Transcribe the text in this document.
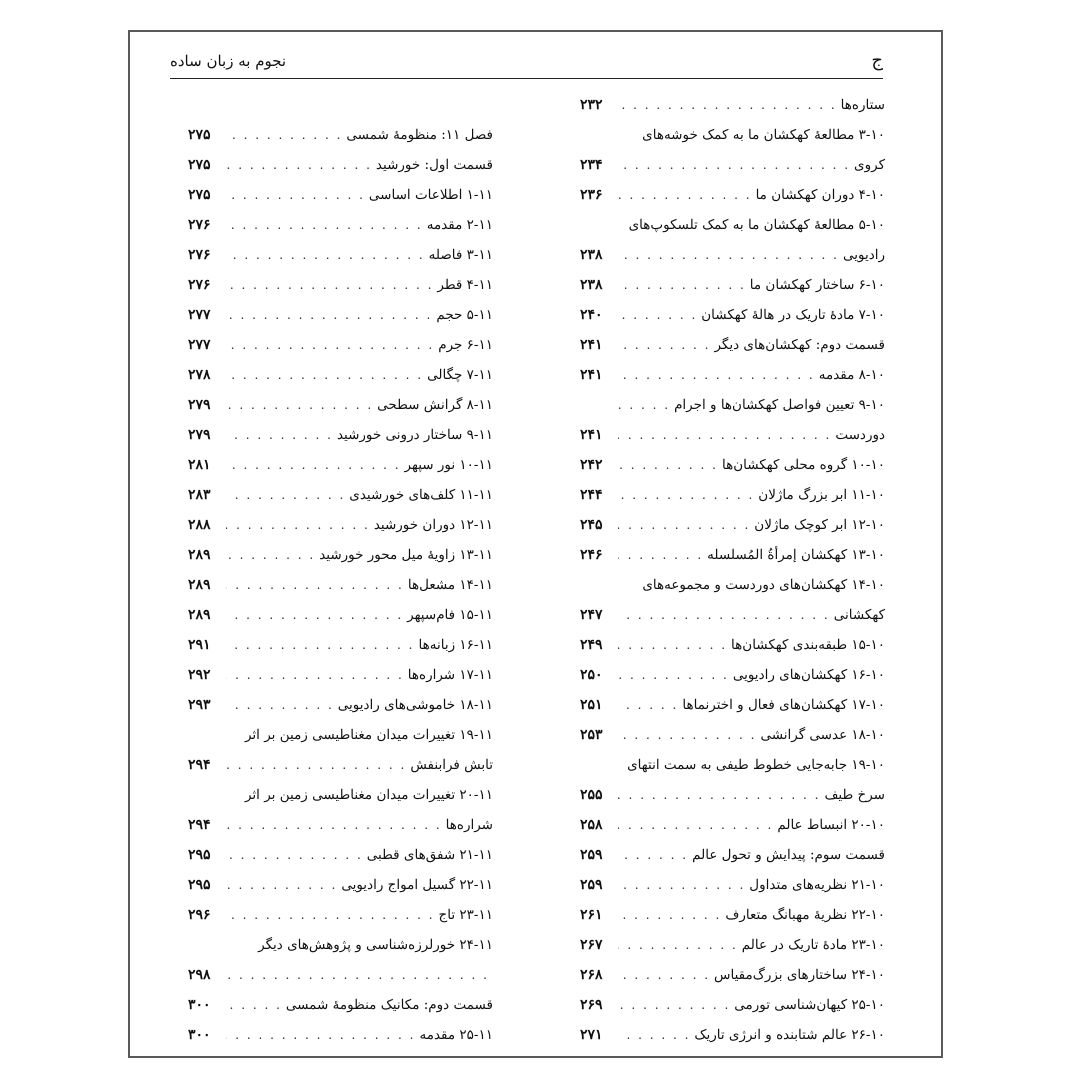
ج
نجوم به زبان ساده
ستاره‌ها
. . .
۲۳۲
۳-۱۰ مطالعهٔ کهکشان ما به کمک خوشه‌های
کروی
. . .
۲۳۴
۴-۱۰ دوران کهکشان ما
. . .
۲۳۶
۵-۱۰ مطالعهٔ کهکشان ما به کمک تلسکوپ‌های
رادیویی
. . .
۲۳۸
۶-۱۰ ساختار کهکشان ما
. . .
۲۳۸
۷-۱۰ مادهٔ تاریک در هالهٔ کهکشان
. . .
۲۴۰
قسمت دوم: کهکشان‌های دیگر
. . .
۲۴۱
۸-۱۰ مقدمه
. . .
۲۴۱
۹-۱۰ تعیین فواصل کهکشان‌ها و اجرام
. . .
دوردست
. . .
۲۴۱
۱۰-۱۰ گروه محلی کهکشان‌ها
. . .
۲۴۲
۱۱-۱۰ ابر بزرگ ماژلان
. . .
۲۴۴
۱۲-۱۰ ابر کوچک ماژلان
. . .
۲۴۵
۱۳-۱۰ کهکشان إمرأةُ المُسلسله
. . .
۲۴۶
۱۴-۱۰ کهکشان‌های دوردست و مجموعه‌های
کهکشانی
. . .
۲۴۷
۱۵-۱۰ طبقه‌بندی کهکشان‌ها
. . .
۲۴۹
۱۶-۱۰ کهکشان‌های رادیویی
. . .
۲۵۰
۱۷-۱۰ کهکشان‌های فعال و اخترنماها
. . .
۲۵۱
۱۸-۱۰ عدسی گرانشی
. . .
۲۵۳
۱۹-۱۰ جابه‌جایی خطوط طیفی به سمت انتهای
سرخ طیف
. . .
۲۵۵
۲۰-۱۰ انبساط عالم
. . .
۲۵۸
قسمت سوم: پیدایش و تحول عالم
. . .
۲۵۹
۲۱-۱۰ نظریه‌های متداول
. . .
۲۵۹
۲۲-۱۰ نظریهٔ مهبانگ متعارف
. . .
۲۶۱
۲۳-۱۰ مادهٔ تاریک در عالم
. . .
۲۶۷
۲۴-۱۰ ساختارهای بزرگ‌مقیاس
. . .
۲۶۸
۲۵-۱۰ کیهان‌شناسی تورمی
. . .
۲۶۹
۲۶-۱۰ عالم شتابنده و انرژی تاریک
. . .
۲۷۱
فصل ۱۱: منظومهٔ شمسی
. . .
۲۷۵
قسمت اول: خورشید
. . .
۲۷۵
۱-۱۱ اطلاعات اساسی
. . .
۲۷۵
۲-۱۱ مقدمه
. . .
۲۷۶
۳-۱۱ فاصله
. . .
۲۷۶
۴-۱۱ قطر
. . .
۲۷۶
۵-۱۱ حجم
. . .
۲۷۷
۶-۱۱ جرم
. . .
۲۷۷
۷-۱۱ چگالی
. . .
۲۷۸
۸-۱۱ گرانش سطحی
. . .
۲۷۹
۹-۱۱ ساختار درونی خورشید
. . .
۲۷۹
۱۰-۱۱ نور سپهر
. . .
۲۸۱
۱۱-۱۱ کلف‌های خورشیدی
. . .
۲۸۳
۱۲-۱۱ دوران خورشید
. . .
۲۸۸
۱۳-۱۱ زاویهٔ میل محور خورشید
. . .
۲۸۹
۱۴-۱۱ مشعل‌ها
. . .
۲۸۹
۱۵-۱۱ فام‌سپهر
. . .
۲۸۹
۱۶-۱۱ زبانه‌ها
. . .
۲۹۱
۱۷-۱۱ شراره‌ها
. . .
۲۹۲
۱۸-۱۱ خاموشی‌های رادیویی
. . .
۲۹۳
۱۹-۱۱ تغییرات میدان مغناطیسی زمین بر اثر
تابش فرابنفش
. . .
۲۹۴
۲۰-۱۱ تغییرات میدان مغناطیسی زمین بر اثر
شراره‌ها
. . .
۲۹۴
۲۱-۱۱ شفق‌های قطبی
. . .
۲۹۵
۲۲-۱۱ گسیل امواج رادیویی
. . .
۲۹۵
۲۳-۱۱ تاج
. . .
۲۹۶
۲۴-۱۱ خورلرزه‌شناسی و پژوهش‌های دیگر
. . .
۲۹۸
قسمت دوم: مکانیک منظومهٔ شمسی
. . .
۳۰۰
۲۵-۱۱ مقدمه
. . .
۳۰۰
